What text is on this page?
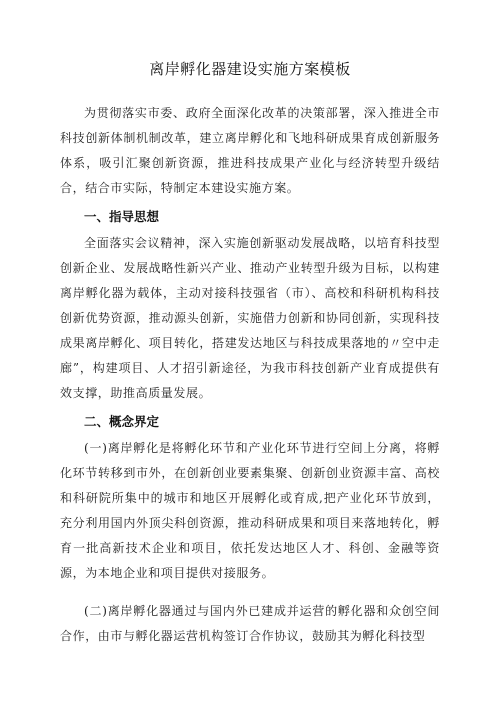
离岸孵化器建设实施方案模板

为贯彻落实市委、政府全面深化改革的决策部署，深入推进全市科技创新体制机制改革，建立离岸孵化和飞地科研成果育成创新服务体系，吸引汇聚创新资源，推进科技成果产业化与经济转型升级结合，结合市实际，特制定本建设实施方案。

一、指导思想

全面落实会议精神，深入实施创新驱动发展战略，以培育科技型创新企业、发展战略性新兴产业、推动产业转型升级为目标，以构建离岸孵化器为载体，主动对接科技强省（市）、高校和科研机构科技创新优势资源，推动源头创新，实施借力创新和协同创新，实现科技成果离岸孵化、项目转化，搭建发达地区与科技成果落地的〃空中走廊”，构建项目、人才招引新途径，为我市科技创新产业育成提供有效支撑，助推高质量发展。

二、概念界定

(一)离岸孵化是将孵化环节和产业化环节进行空间上分离，将孵化环节转移到市外，在创新创业要素集聚、创新创业资源丰富、高校和科研院所集中的城市和地区开展孵化或育成,把产业化环节放到，充分利用国内外顶尖科创资源，推动科研成果和项目来落地转化，孵育一批高新技术企业和项目，依托发达地区人才、科创、金融等资源，为本地企业和项目提供对接服务。

(二)离岸孵化器通过与国内外已建成并运营的孵化器和众创空间合作，由市与孵化器运营机构签订合作协议，鼓励其为孵化科技型
